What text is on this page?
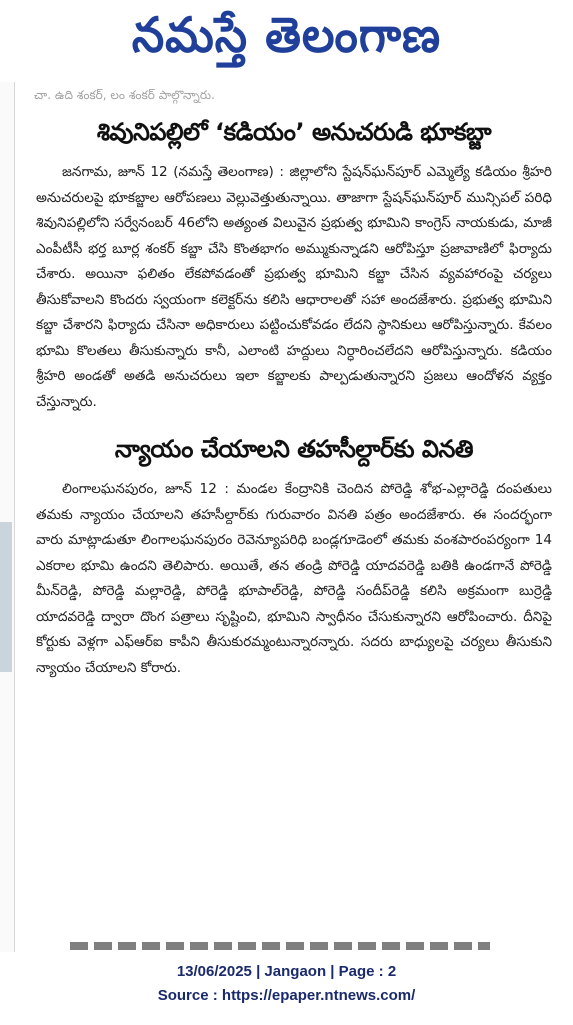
నమస్తే తెలంగాణ
చా. ఉది శంకర్, లం శంకర్ పాల్గొన్నారు.
శివునిపల్లిలో ‘కడియం’ అనుచరుడి భూకబ్జా

జనగామ, జూన్ 12 (నమస్తే తెలంగాణ) : జిల్లాలోని స్టేషన్‌ఘన్‌పూర్ ఎమ్మెల్యే కడియం శ్రీహరి అనుచరులపై భూకబ్జాల ఆరోపణలు వెల్లువెత్తుతున్నాయి. తాజాగా స్టేషన్‌ఘన్‌పూర్ మున్సిపల్ పరిధి శివునిపల్లిలోని సర్వేనంబర్ 46లోని అత్యంత విలువైన ప్రభుత్వ భూమిని కాంగ్రెస్ నాయకుడు, మాజీ ఎంపీటీసీ భర్త బూర్ల శంకర్ కబ్జా చేసి కొంతభాగం అమ్ముకున్నాడని ఆరోపిస్తూ ప్రజావాణిలో ఫిర్యాదు చేశారు. అయినా ఫలితం లేకపోవడంతో ప్రభుత్వ భూమిని కబ్జా చేసిన వ్యవహారంపై చర్యలు తీసుకోవాలని కొందరు స్వయంగా కలెక్టర్‌ను కలిసి ఆధారాలతో సహా అందజేశారు. ప్రభుత్వ భూమిని కబ్జా చేశారని ఫిర్యాదు చేసినా అధికారులు పట్టించుకోవడం లేదని స్థానికులు ఆరోపిస్తున్నారు. కేవలం భూమి కొలతలు తీసుకున్నారు కానీ, ఎలాంటి హద్దులు నిర్ధారించలేదని ఆరోపిస్తున్నారు. కడియం శ్రీహరి అండతో అతడి అనుచరులు ఇలా కబ్జాలకు పాల్పడుతున్నారని ప్రజలు ఆందోళన వ్యక్తం చేస్తున్నారు.

న్యాయం చేయాలని తహసీల్దార్‌కు వినతి

లింగాలఘనపురం, జూన్ 12 : మండల కేంద్రానికి చెందిన పోరెడ్డి శోభ-ఎల్లారెడ్డి దంపతులు తమకు న్యాయం చేయాలని తహసీల్దార్‌కు గురువారం వినతి పత్రం అందజేశారు. ఈ సందర్భంగా వారు మాట్లాడుతూ లింగాలఘనపురం రెవెన్యూపరిధి బండ్లగూడెంలో తమకు వంశపారంపర్యంగా 14 ఎకరాల భూమి ఉందని తెలిపారు. అయితే, తన తండ్రి పోరెడ్డి యాదవరెడ్డి బతికి ఉండగానే పోరెడ్డి మీన్‌రెడ్డి, పోరెడ్డి మల్లారెడ్డి, పోరెడ్డి భూపాల్‌రెడ్డి, పోరెడ్డి సందీప్‌రెడ్డి కలిసి అక్రమంగా బుర్రెడ్డి యాదవరెడ్డి ద్వారా దొంగ పత్రాలు సృష్టించి, భూమిని స్వాధీనం చేసుకున్నారని ఆరోపించారు. దీనిపై కోర్టుకు వెళ్లగా ఎఫ్ఆర్ఐ కాపీని తీసుకురమ్మంటున్నారన్నారు. సదరు బాధ్యులపై చర్యలు తీసుకుని న్యాయం చేయాలని కోరారు.

13/06/2025 | Jangaon | Page : 2
Source : https://epaper.ntnews.com/
